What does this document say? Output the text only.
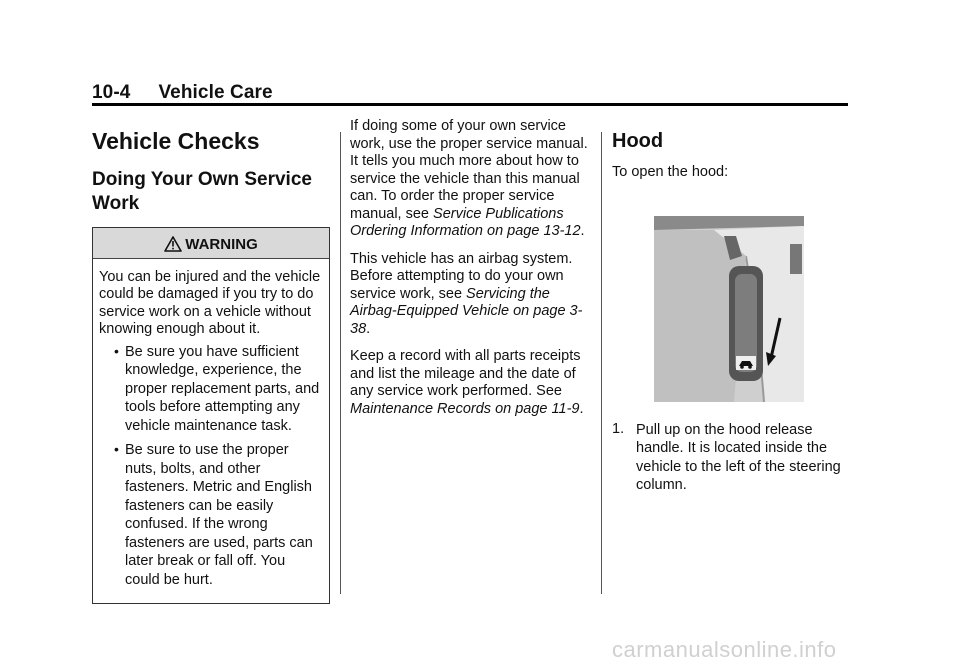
10-4 Vehicle Care
Vehicle Checks
Doing Your Own Service Work
WARNING

You can be injured and the vehicle could be damaged if you try to do service work on a vehicle without knowing enough about it.

• Be sure you have sufficient knowledge, experience, the proper replacement parts, and tools before attempting any vehicle maintenance task.
• Be sure to use the proper nuts, bolts, and other fasteners. Metric and English fasteners can be easily confused. If the wrong fasteners are used, parts can later break or fall off. You could be hurt.

If doing some of your own service work, use the proper service manual. It tells you much more about how to service the vehicle than this manual can. To order the proper service manual, see Service Publications Ordering Information on page 13-12.

This vehicle has an airbag system. Before attempting to do your own service work, see Servicing the Airbag-Equipped Vehicle on page 3-38.

Keep a record with all parts receipts and list the mileage and the date of any service work performed. See Maintenance Records on page 11-9.

Hood

To open the hood:

1. Pull up on the hood release handle. It is located inside the vehicle to the left of the steering column.
carmanualsonline.info
